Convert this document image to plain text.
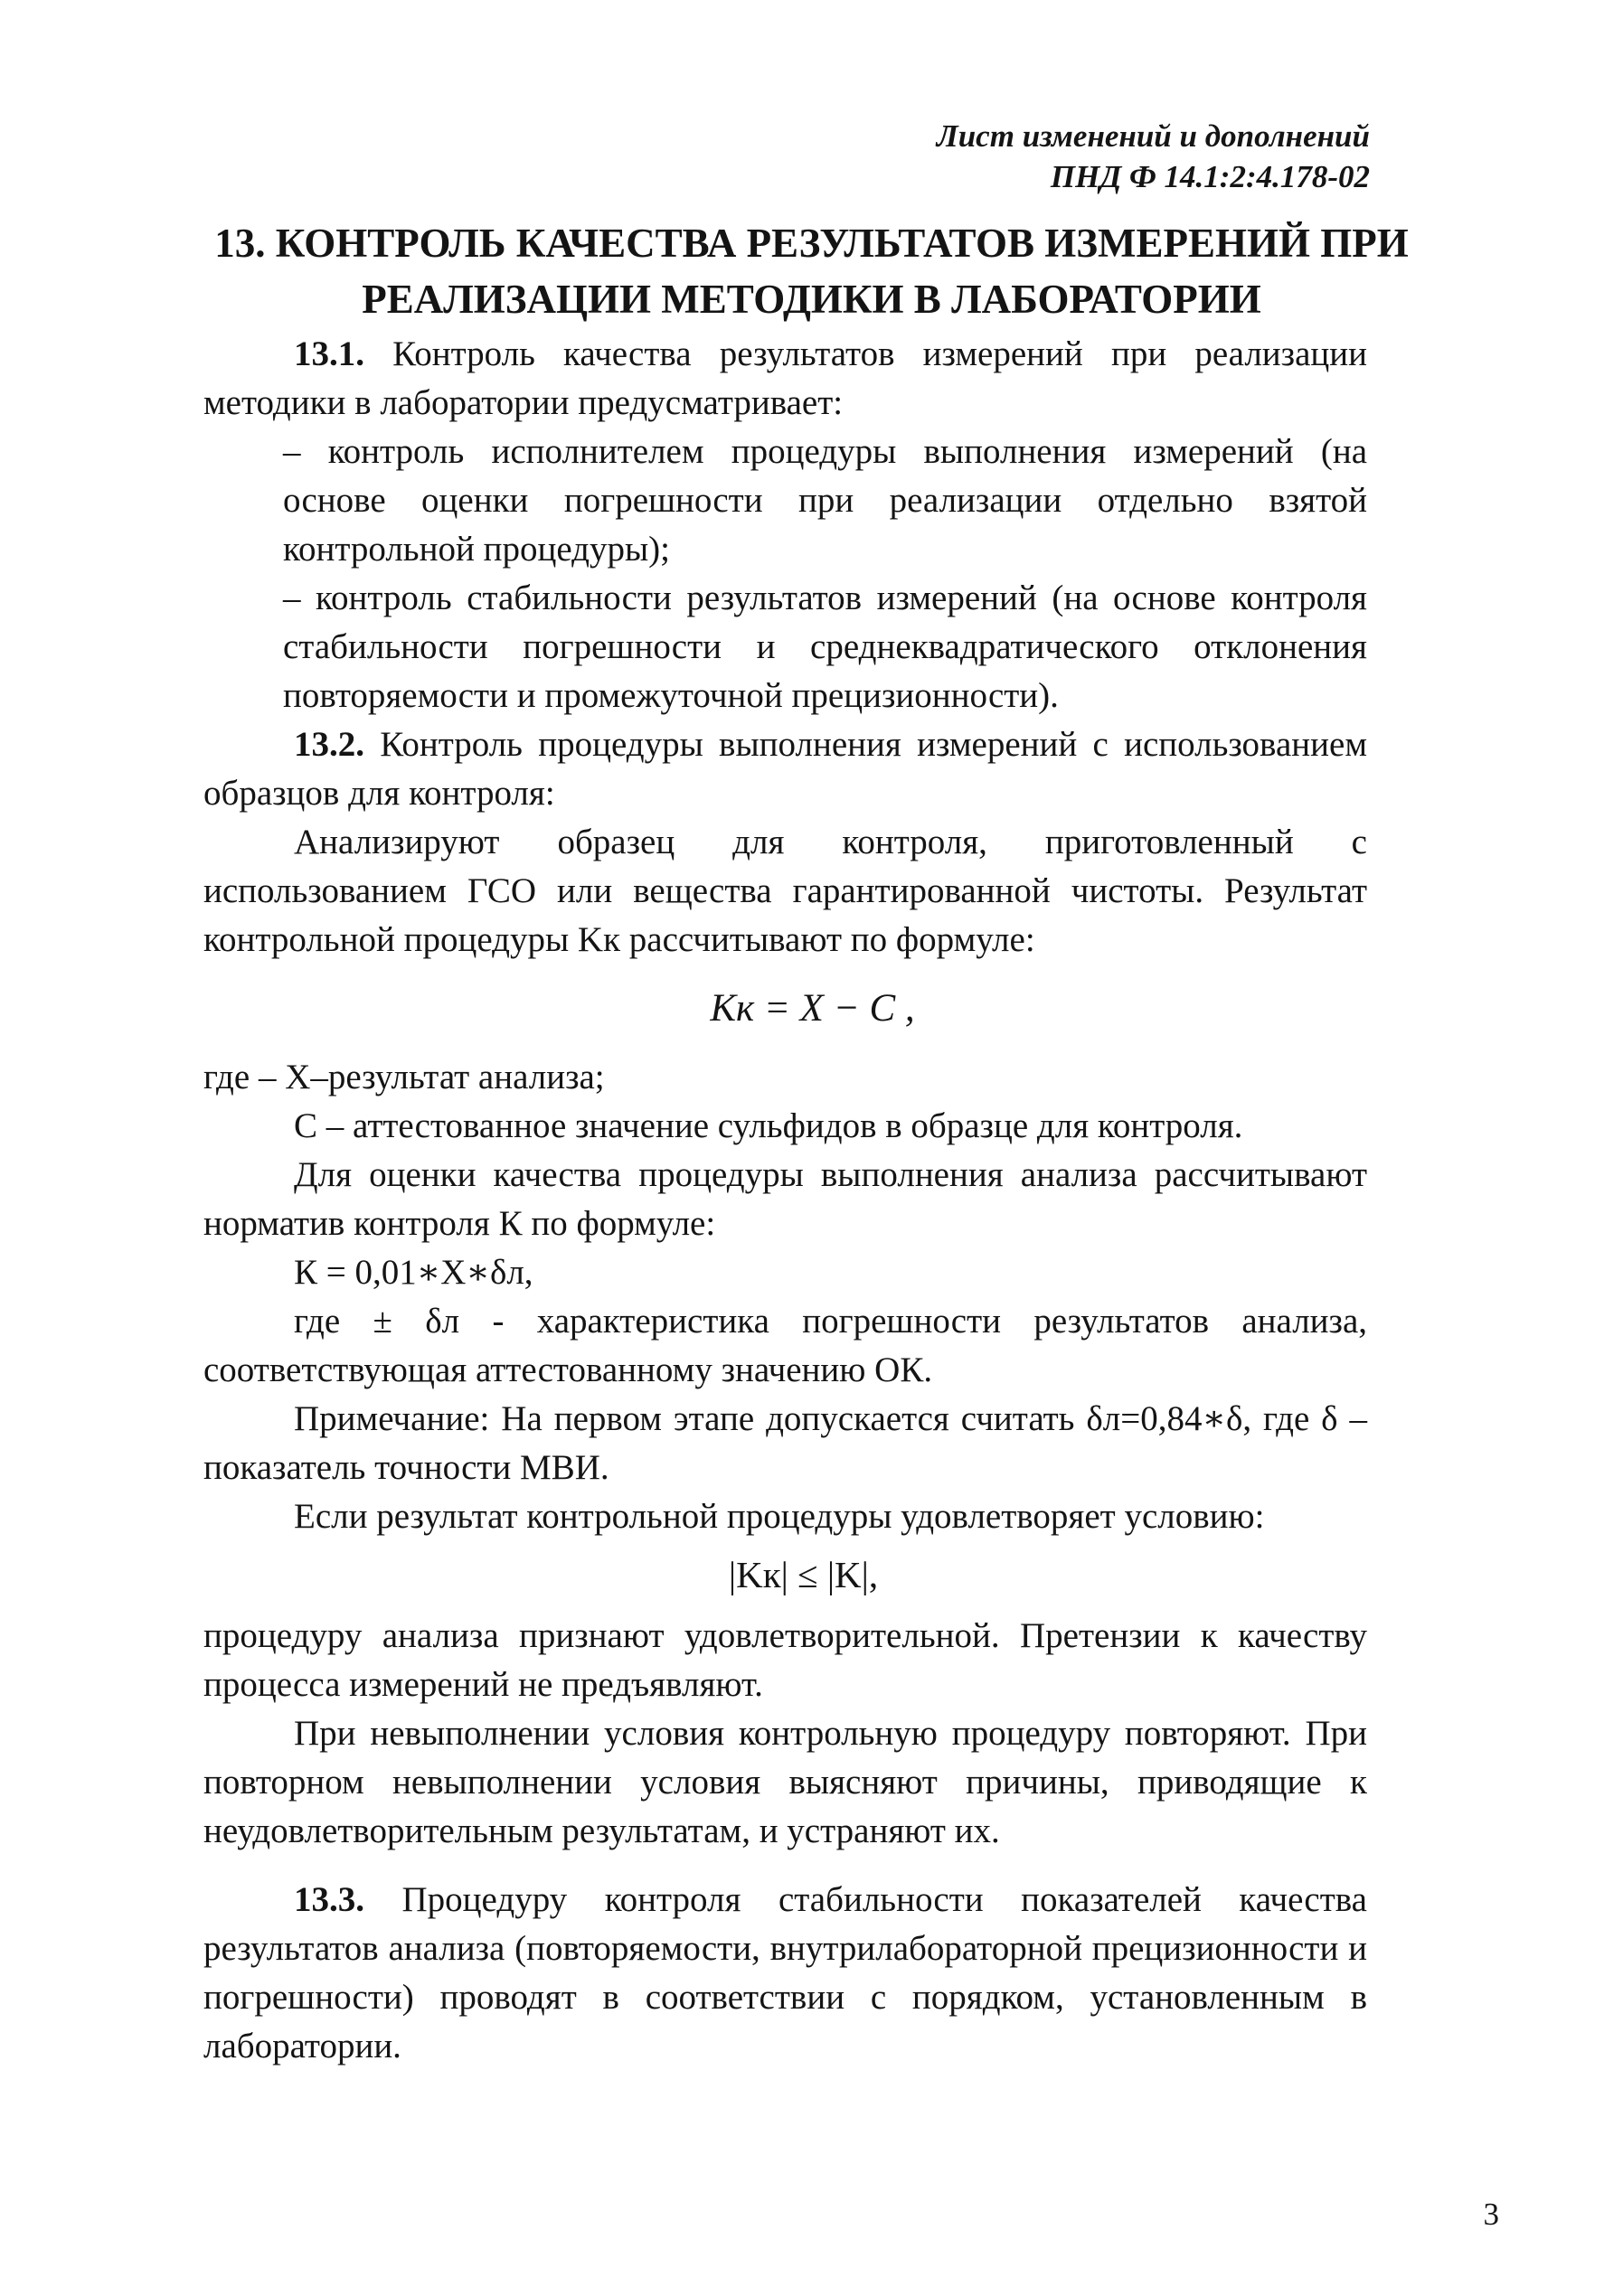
Лист изменений и дополнений
ПНД Ф 14.1:2:4.178-02
13. КОНТРОЛЬ КАЧЕСТВА РЕЗУЛЬТАТОВ ИЗМЕРЕНИЙ ПРИ
РЕАЛИЗАЦИИ МЕТОДИКИ В ЛАБОРАТОРИИ

13.1. Контроль качества результатов измерений при реализации методики в лаборатории предусматривает:

– контроль исполнителем процедуры выполнения измерений (на основе оценки погрешности при реализации отдельно взятой контрольной процедуры);

– контроль стабильности результатов измерений (на основе контроля стабильности погрешности и среднеквадратического отклонения повторяемости и промежуточной прецизионности).

13.2. Контроль процедуры выполнения измерений с использованием образцов для контроля:

Анализируют образец для контроля, приготовленный с использованием ГСО или вещества гарантированной чистоты. Результат контрольной процедуры Kк рассчитывают по формуле:

Kк = X − C ,

где – Х–результат анализа;

С – аттестованное значение сульфидов в образце для контроля.

Для оценки качества процедуры выполнения анализа рассчитывают норматив контроля К по формуле:

К = 0,01∗Х∗δл,

где ± δл - характеристика погрешности результатов анализа, соответствующая аттестованному значению ОК.

Примечание: На первом этапе допускается считать δл=0,84∗δ, где δ – показатель точности МВИ.

Если результат контрольной процедуры удовлетворяет условию:

|Kк| ≤ |K|,

процедуру анализа признают удовлетворительной. Претензии к качеству процесса измерений не предъявляют.

При невыполнении условия контрольную процедуру повторяют. При повторном невыполнении условия выясняют причины, приводящие к неудовлетворительным результатам, и устраняют их.

13.3. Процедуру контроля стабильности показателей качества результатов анализа (повторяемости, внутрилабораторной прецизионности и погрешности) проводят в соответствии с порядком, установленным в лаборатории.

3
